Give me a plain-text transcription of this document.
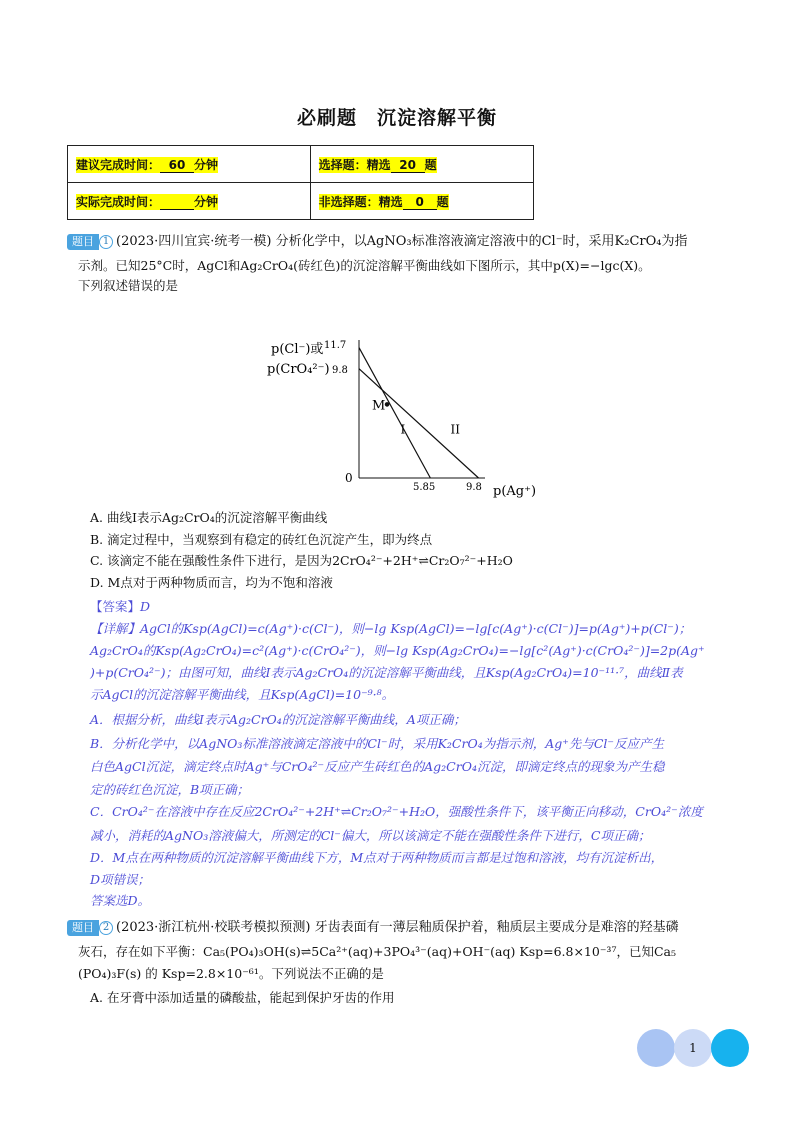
必刷题　沉淀溶解平衡
建议完成时间： 60 分钟	选择题：精选 20 题
实际完成时间： 分钟	非选择题：精选 0 题
题目 1 (2023·四川宜宾·统考一模) 分析化学中，以AgNO₃标准溶液滴定溶液中的Cl⁻时，采用K₂CrO₄为指
示剂。已知25°C时，AgCl和Ag₂CrO₄(砖红色)的沉淀溶解平衡曲线如下图所示，其中p(X)=−lgc(X)。
下列叙述错误的是
p(Cl⁻)或
p(CrO₄²⁻)
0
11.7
9.8
5.85	9.8 p(Ag⁺)
I	II
M
A. 曲线I表示Ag₂CrO₄的沉淀溶解平衡曲线
B. 滴定过程中，当观察到有稳定的砖红色沉淀产生，即为终点
C. 该滴定不能在强酸性条件下进行，是因为2CrO₄²⁻+2H⁺⇌Cr₂O₇²⁻+H₂O
D. M点对于两种物质而言，均为不饱和溶液
【答案】D
【详解】AgCl的Ksp(AgCl)=c(Ag⁺)·c(Cl⁻)，则−lg Ksp(AgCl)=−lg[c(Ag⁺)·c(Cl⁻)]=p(Ag⁺)+p(Cl⁻)；
Ag₂CrO₄的Ksp(Ag₂CrO₄)=c²(Ag⁺)·c(CrO₄²⁻)，则−lg Ksp(Ag₂CrO₄)=−lg[c²(Ag⁺)·c(CrO₄²⁻)]=2p(Ag⁺
)+p(CrO₄²⁻)；由图可知，曲线Ⅰ表示Ag₂CrO₄的沉淀溶解平衡曲线，且Ksp(Ag₂CrO₄)=10⁻¹¹·⁷，曲线Ⅱ表
示AgCl的沉淀溶解平衡曲线，且Ksp(AgCl)=10⁻⁹·⁸。
A．根据分析，曲线Ⅰ表示Ag₂CrO₄的沉淀溶解平衡曲线，A项正确；
B．分析化学中，以AgNO₃标准溶液滴定溶液中的Cl⁻时，采用K₂CrO₄为指示剂，Ag⁺先与Cl⁻反应产生
白色AgCl沉淀，滴定终点时Ag⁺与CrO₄²⁻反应产生砖红色的Ag₂CrO₄沉淀，即滴定终点的现象为产生稳
定的砖红色沉淀，B项正确；
C．CrO₄²⁻在溶液中存在反应2CrO₄²⁻+2H⁺⇌Cr₂O₇²⁻+H₂O，强酸性条件下，该平衡正向移动，CrO₄²⁻浓度
减小，消耗的AgNO₃溶液偏大，所测定的Cl⁻偏大，所以该滴定不能在强酸性条件下进行，C项正确；
D．M点在两种物质的沉淀溶解平衡曲线下方，M点对于两种物质而言都是过饱和溶液，均有沉淀析出，
D项错误；
答案选D。
题目 2 (2023·浙江杭州·校联考模拟预测) 牙齿表面有一薄层釉质保护着，釉质层主要成分是难溶的羟基磷
灰石，存在如下平衡：Ca₅(PO₄)₃OH(s)⇌5Ca²⁺(aq)+3PO₄³⁻(aq)+OH⁻(aq) Ksp=6.8×10⁻³⁷，已知Ca₅
(PO₄)₃F(s) 的 Ksp=2.8×10⁻⁶¹。下列说法不正确的是
A. 在牙膏中添加适量的磷酸盐，能起到保护牙齿的作用
1
